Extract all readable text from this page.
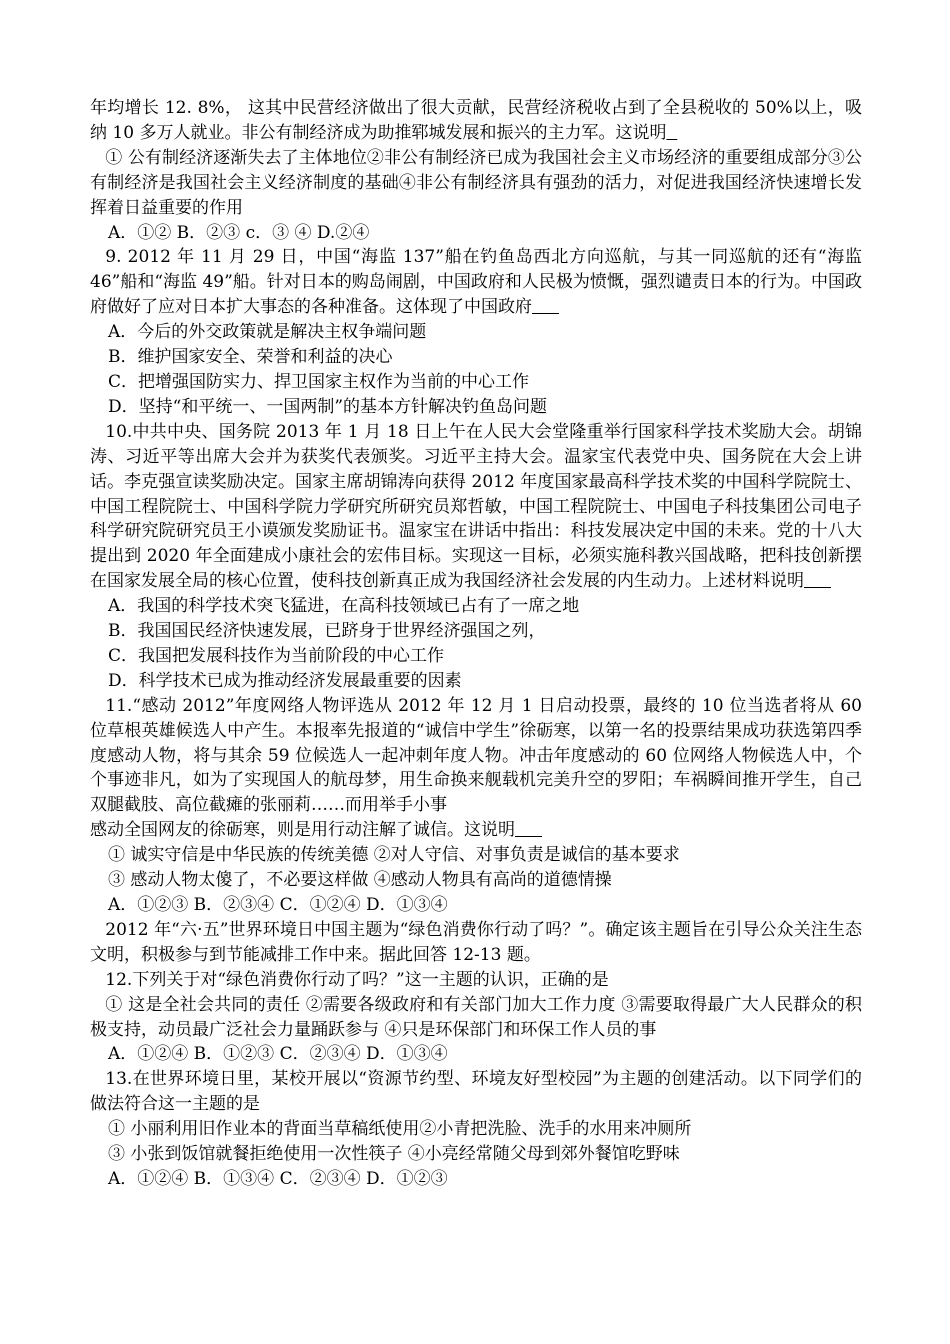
年均增长 12. 8%， 这其中民营经济做出了很大贡献，民营经济税收占到了全县税收的 50%以上，吸纳 10 多万人就业。非公有制经济成为助推郓城发展和振兴的主力军。这说明

① 公有制经济逐渐失去了主体地位②非公有制经济已成为我国社会主义市场经济的重要组成部分③公有制经济是我国社会主义经济制度的基础④非公有制经济具有强劲的活力，对促进我国经济快速增长发挥着日益重要的作用

A．①② B．②③ c．③ ④ D.②④

9. 2012 年 11 月 29 日，中国“海监 137”船在钓鱼岛西北方向巡航，与其一同巡航的还有“海监 46”船和“海监 49”船。针对日本的购岛闹剧，中国政府和人民极为愤慨，强烈谴责日本的行为。中国政府做好了应对日本扩大事态的各种准备。这体现了中国政府

A．今后的外交政策就是解决主权争端问题

B．维护国家安全、荣誉和利益的决心

C．把增强国防实力、捍卫国家主权作为当前的中心工作

D．坚持“和平统一、一国两制”的基本方针解决钓鱼岛问题

10.中共中央、国务院 2013 年 1 月 18 日上午在人民大会堂隆重举行国家科学技术奖励大会。胡锦涛、习近平等出席大会并为获奖代表颁奖。习近平主持大会。温家宝代表党中央、国务院在大会上讲话。李克强宣读奖励决定。国家主席胡锦涛向获得 2012 年度国家最高科学技术奖的中国科学院院士、中国工程院院士、中国科学院力学研究所研究员郑哲敏，中国工程院院士、中国电子科技集团公司电子科学研究院研究员王小谟颁发奖励证书。温家宝在讲话中指出：科技发展决定中国的未来。党的十八大提出到 2020 年全面建成小康社会的宏伟目标。实现这一目标，必须实施科教兴国战略，把科技创新摆在国家发展全局的核心位置，使科技创新真正成为我国经济社会发展的内生动力。上述材料说明

A．我国的科学技术突飞猛进，在高科技领域已占有了一席之地

B．我国国民经济快速发展，已跻身于世界经济强国之列，

C．我国把发展科技作为当前阶段的中心工作

D．科学技术已成为推动经济发展最重要的因素

11.“感动 2012”年度网络人物评选从 2012 年 12 月 1 日启动投票，最终的 10 位当选者将从 60 位草根英雄候选人中产生。本报率先报道的“诚信中学生”徐砺寒，以第一名的投票结果成功获选第四季度感动人物，将与其余 59 位候选人一起冲刺年度人物。冲击年度感动的 60 位网络人物候选人中，个个事迹非凡，如为了实现国人的航母梦，用生命换来舰载机完美升空的罗阳；车祸瞬间推开学生，自己双腿截肢、高位截瘫的张丽莉……而用举手小事

感动全国网友的徐砺寒，则是用行动注解了诚信。这说明

① 诚实守信是中华民族的传统美德 ②对人守信、对事负责是诚信的基本要求

③ 感动人物太傻了，不必要这样做 ④感动人物具有高尚的道德情操

A．①②③ B．②③④ C．①②④ D．①③④

2012 年“六·五”世界环境日中国主题为“绿色消费你行动了吗？”。确定该主题旨在引导公众关注生态文明，积极参与到节能减排工作中来。据此回答 12-13 题。

12.下列关于对“绿色消费你行动了吗？”这一主题的认识，正确的是

① 这是全社会共同的责任 ②需要各级政府和有关部门加大工作力度 ③需要取得最广大人民群众的积极支持，动员最广泛社会力量踊跃参与 ④只是环保部门和环保工作人员的事

A．①②④ B．①②③ C．②③④ D．①③④

13.在世界环境日里，某校开展以“资源节约型、环境友好型校园”为主题的创建活动。以下同学们的做法符合这一主题的是

① 小丽利用旧作业本的背面当草稿纸使用②小青把洗脸、洗手的水用来冲厕所

③ 小张到饭馆就餐拒绝使用一次性筷子 ④小亮经常随父母到郊外餐馆吃野味

A．①②④ B．①③④ C．②③④ D．①②③
